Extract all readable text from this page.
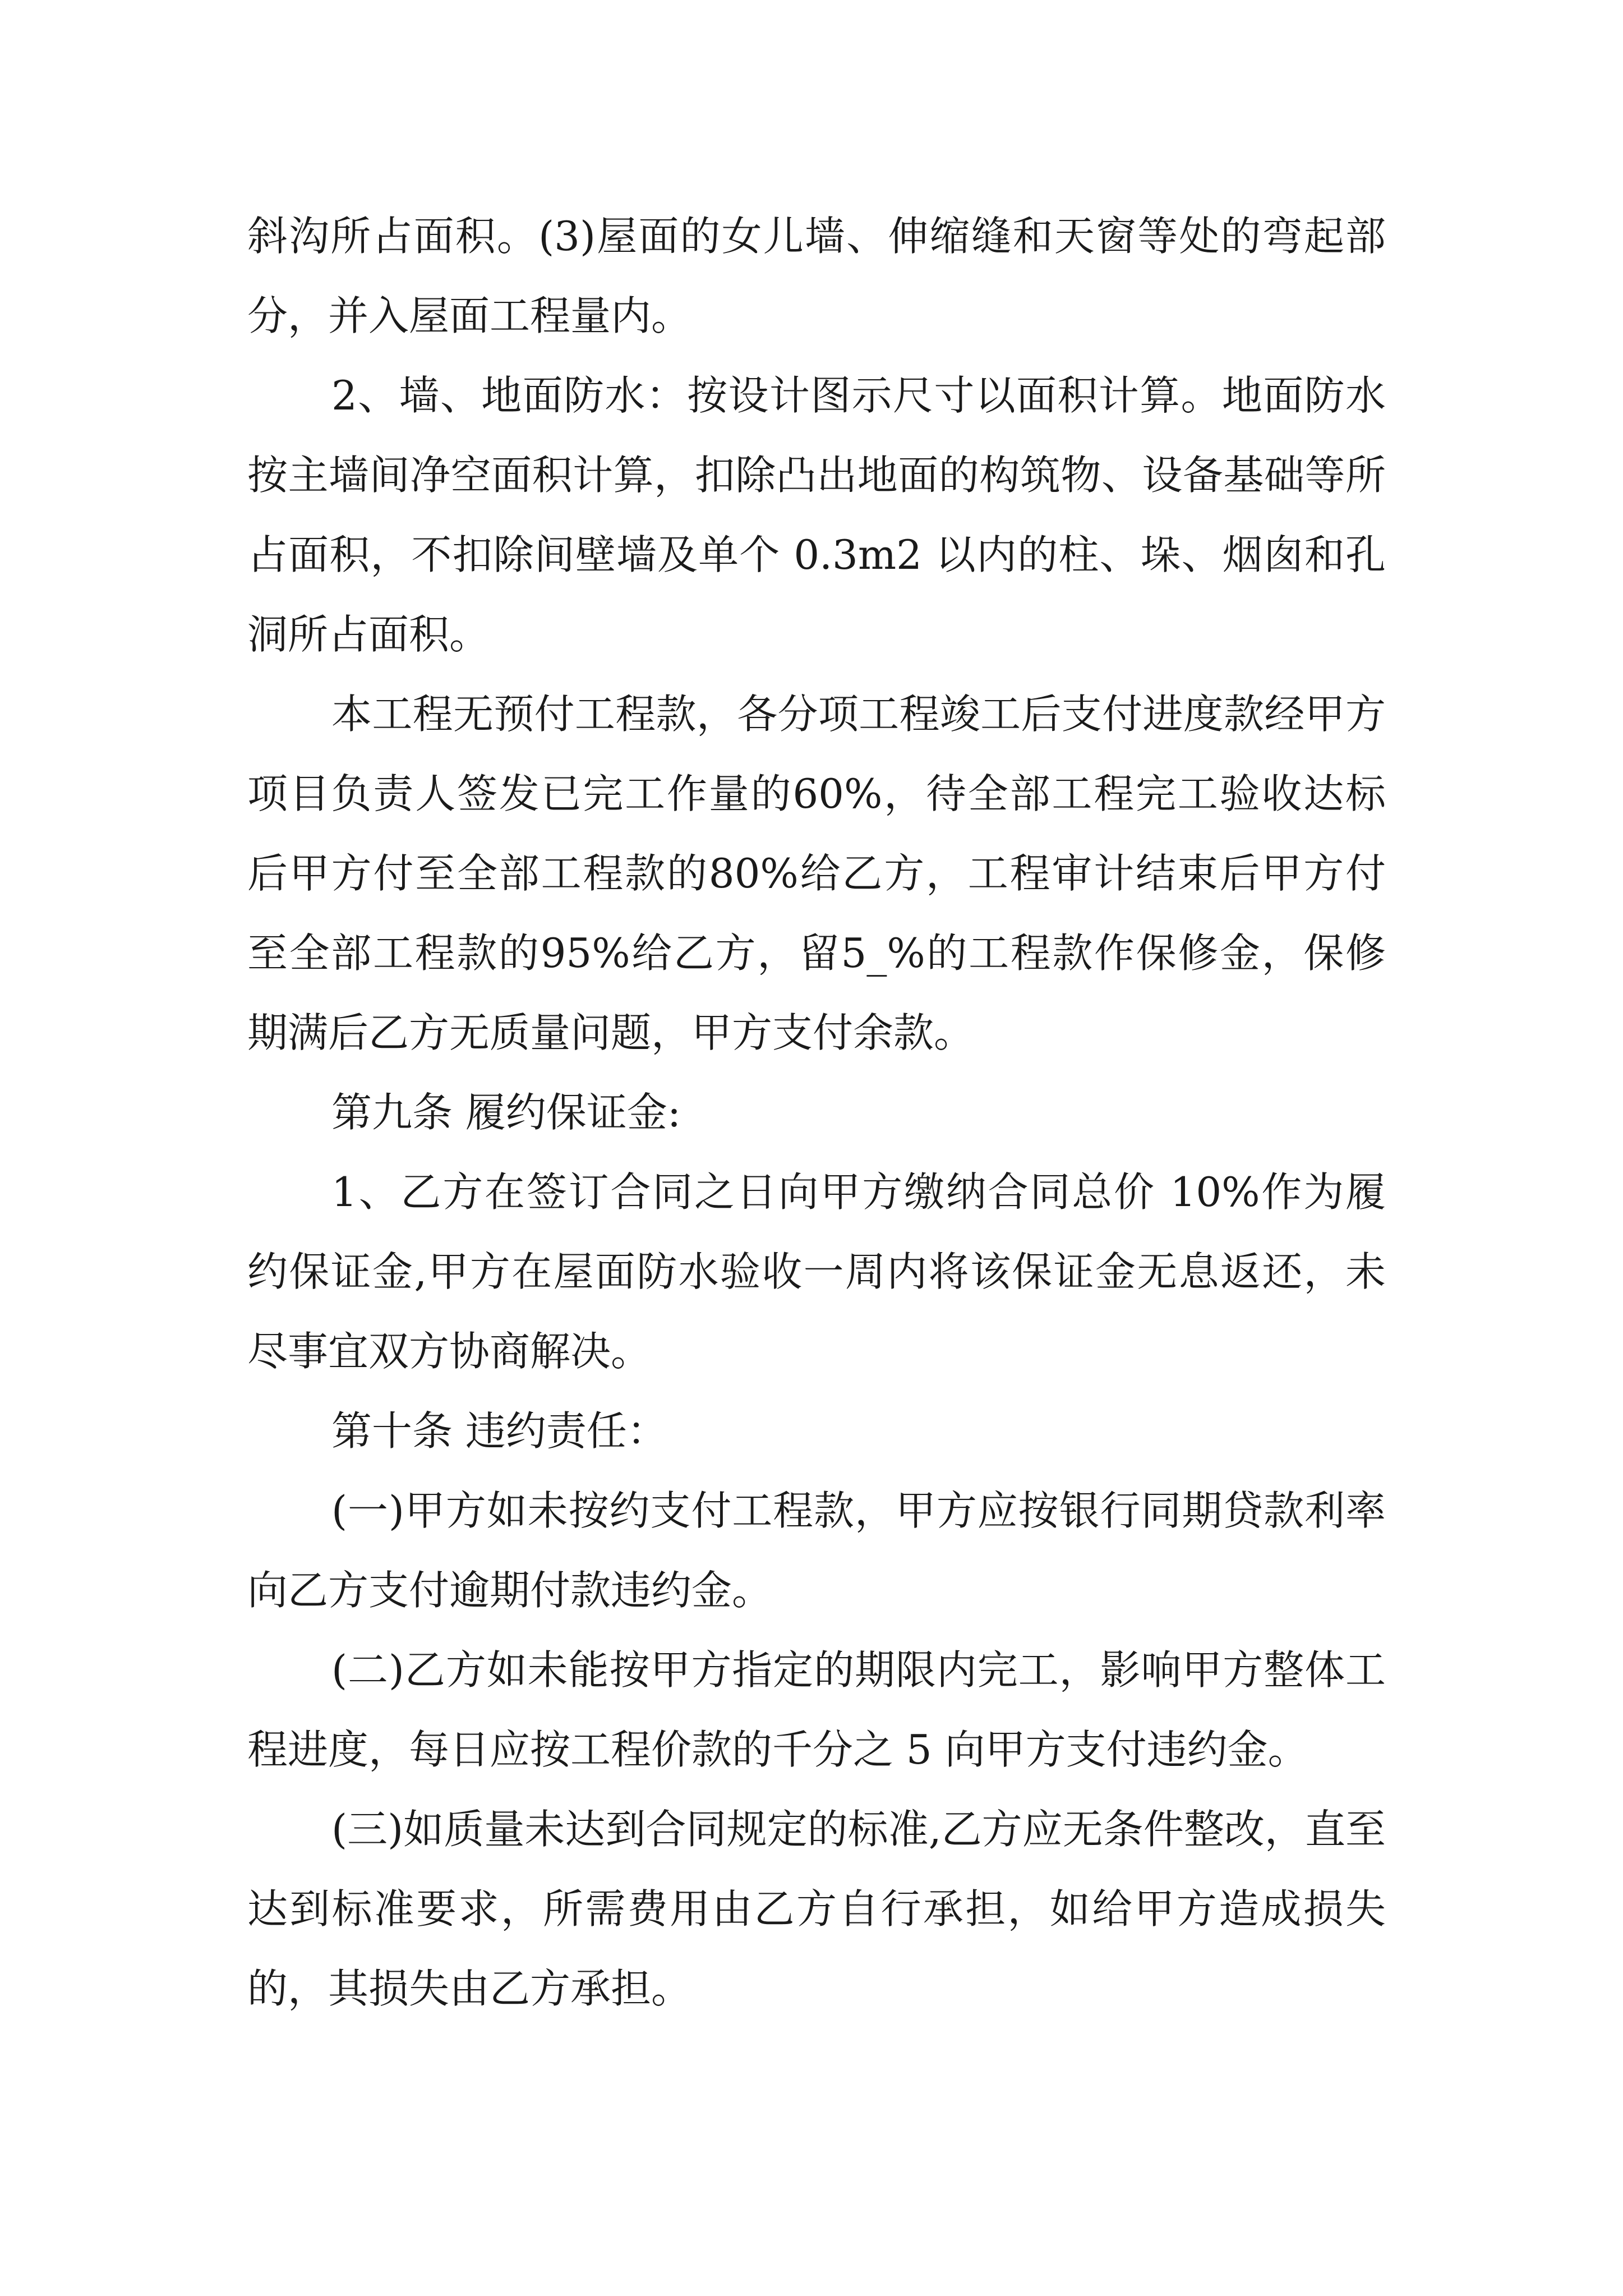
斜沟所占面积。(3)屋面的女儿墙、伸缩缝和天窗等处的弯起部分，并入屋面工程量内。

2、墙、地面防水：按设计图示尺寸以面积计算。地面防水按主墙间净空面积计算，扣除凸出地面的构筑物、设备基础等所占面积，不扣除间壁墙及单个 0.3m2 以内的柱、垛、烟囱和孔洞所占面积。

本工程无预付工程款，各分项工程竣工后支付进度款经甲方项目负责人签发已完工作量的60%，待全部工程完工验收达标后甲方付至全部工程款的80%给乙方，工程审计结束后甲方付至全部工程款的95%给乙方，留5_%的工程款作保修金，保修期满后乙方无质量问题，甲方支付余款。

第九条 履约保证金:

1、乙方在签订合同之日向甲方缴纳合同总价 10%作为履约保证金,甲方在屋面防水验收一周内将该保证金无息返还，未尽事宜双方协商解决。

第十条 违约责任：

(一)甲方如未按约支付工程款，甲方应按银行同期贷款利率向乙方支付逾期付款违约金。

(二)乙方如未能按甲方指定的期限内完工，影响甲方整体工程进度，每日应按工程价款的千分之 5 向甲方支付违约金。

(三)如质量未达到合同规定的标准,乙方应无条件整改，直至达到标准要求，所需费用由乙方自行承担，如给甲方造成损失的，其损失由乙方承担。
